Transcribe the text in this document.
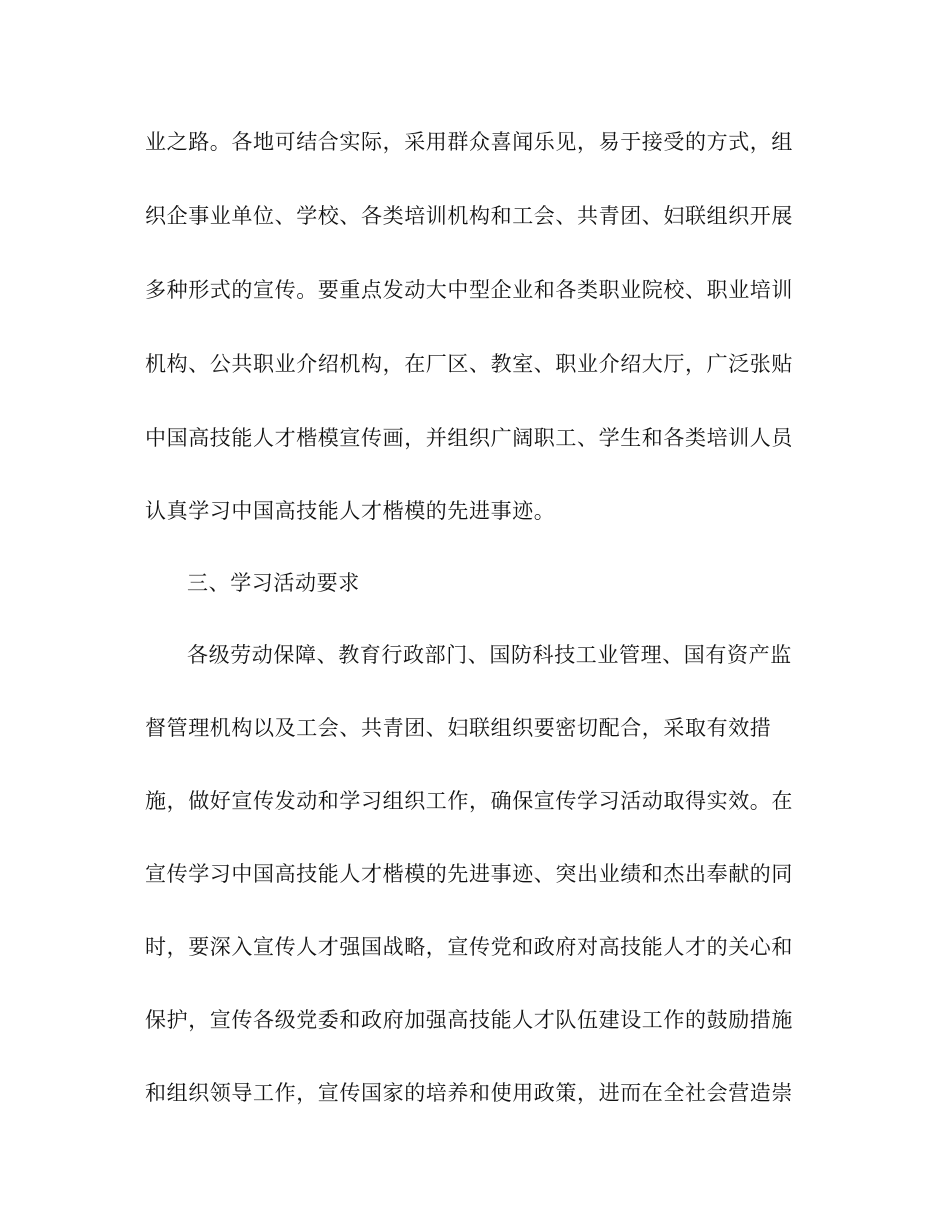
业之路。各地可结合实际，采用群众喜闻乐见，易于接受的方式，组
织企事业单位、学校、各类培训机构和工会、共青团、妇联组织开展
多种形式的宣传。要重点发动大中型企业和各类职业院校、职业培训
机构、公共职业介绍机构，在厂区、教室、职业介绍大厅，广泛张贴
中国高技能人才楷模宣传画，并组织广阔职工、学生和各类培训人员
认真学习中国高技能人才楷模的先进事迹。
三、学习活动要求
各级劳动保障、教育行政部门、国防科技工业管理、国有资产监
督管理机构以及工会、共青团、妇联组织要密切配合，采取有效措
施，做好宣传发动和学习组织工作，确保宣传学习活动取得实效。在
宣传学习中国高技能人才楷模的先进事迹、突出业绩和杰出奉献的同
时，要深入宣传人才强国战略，宣传党和政府对高技能人才的关心和
保护，宣传各级党委和政府加强高技能人才队伍建设工作的鼓励措施
和组织领导工作，宣传国家的培养和使用政策，进而在全社会营造崇
